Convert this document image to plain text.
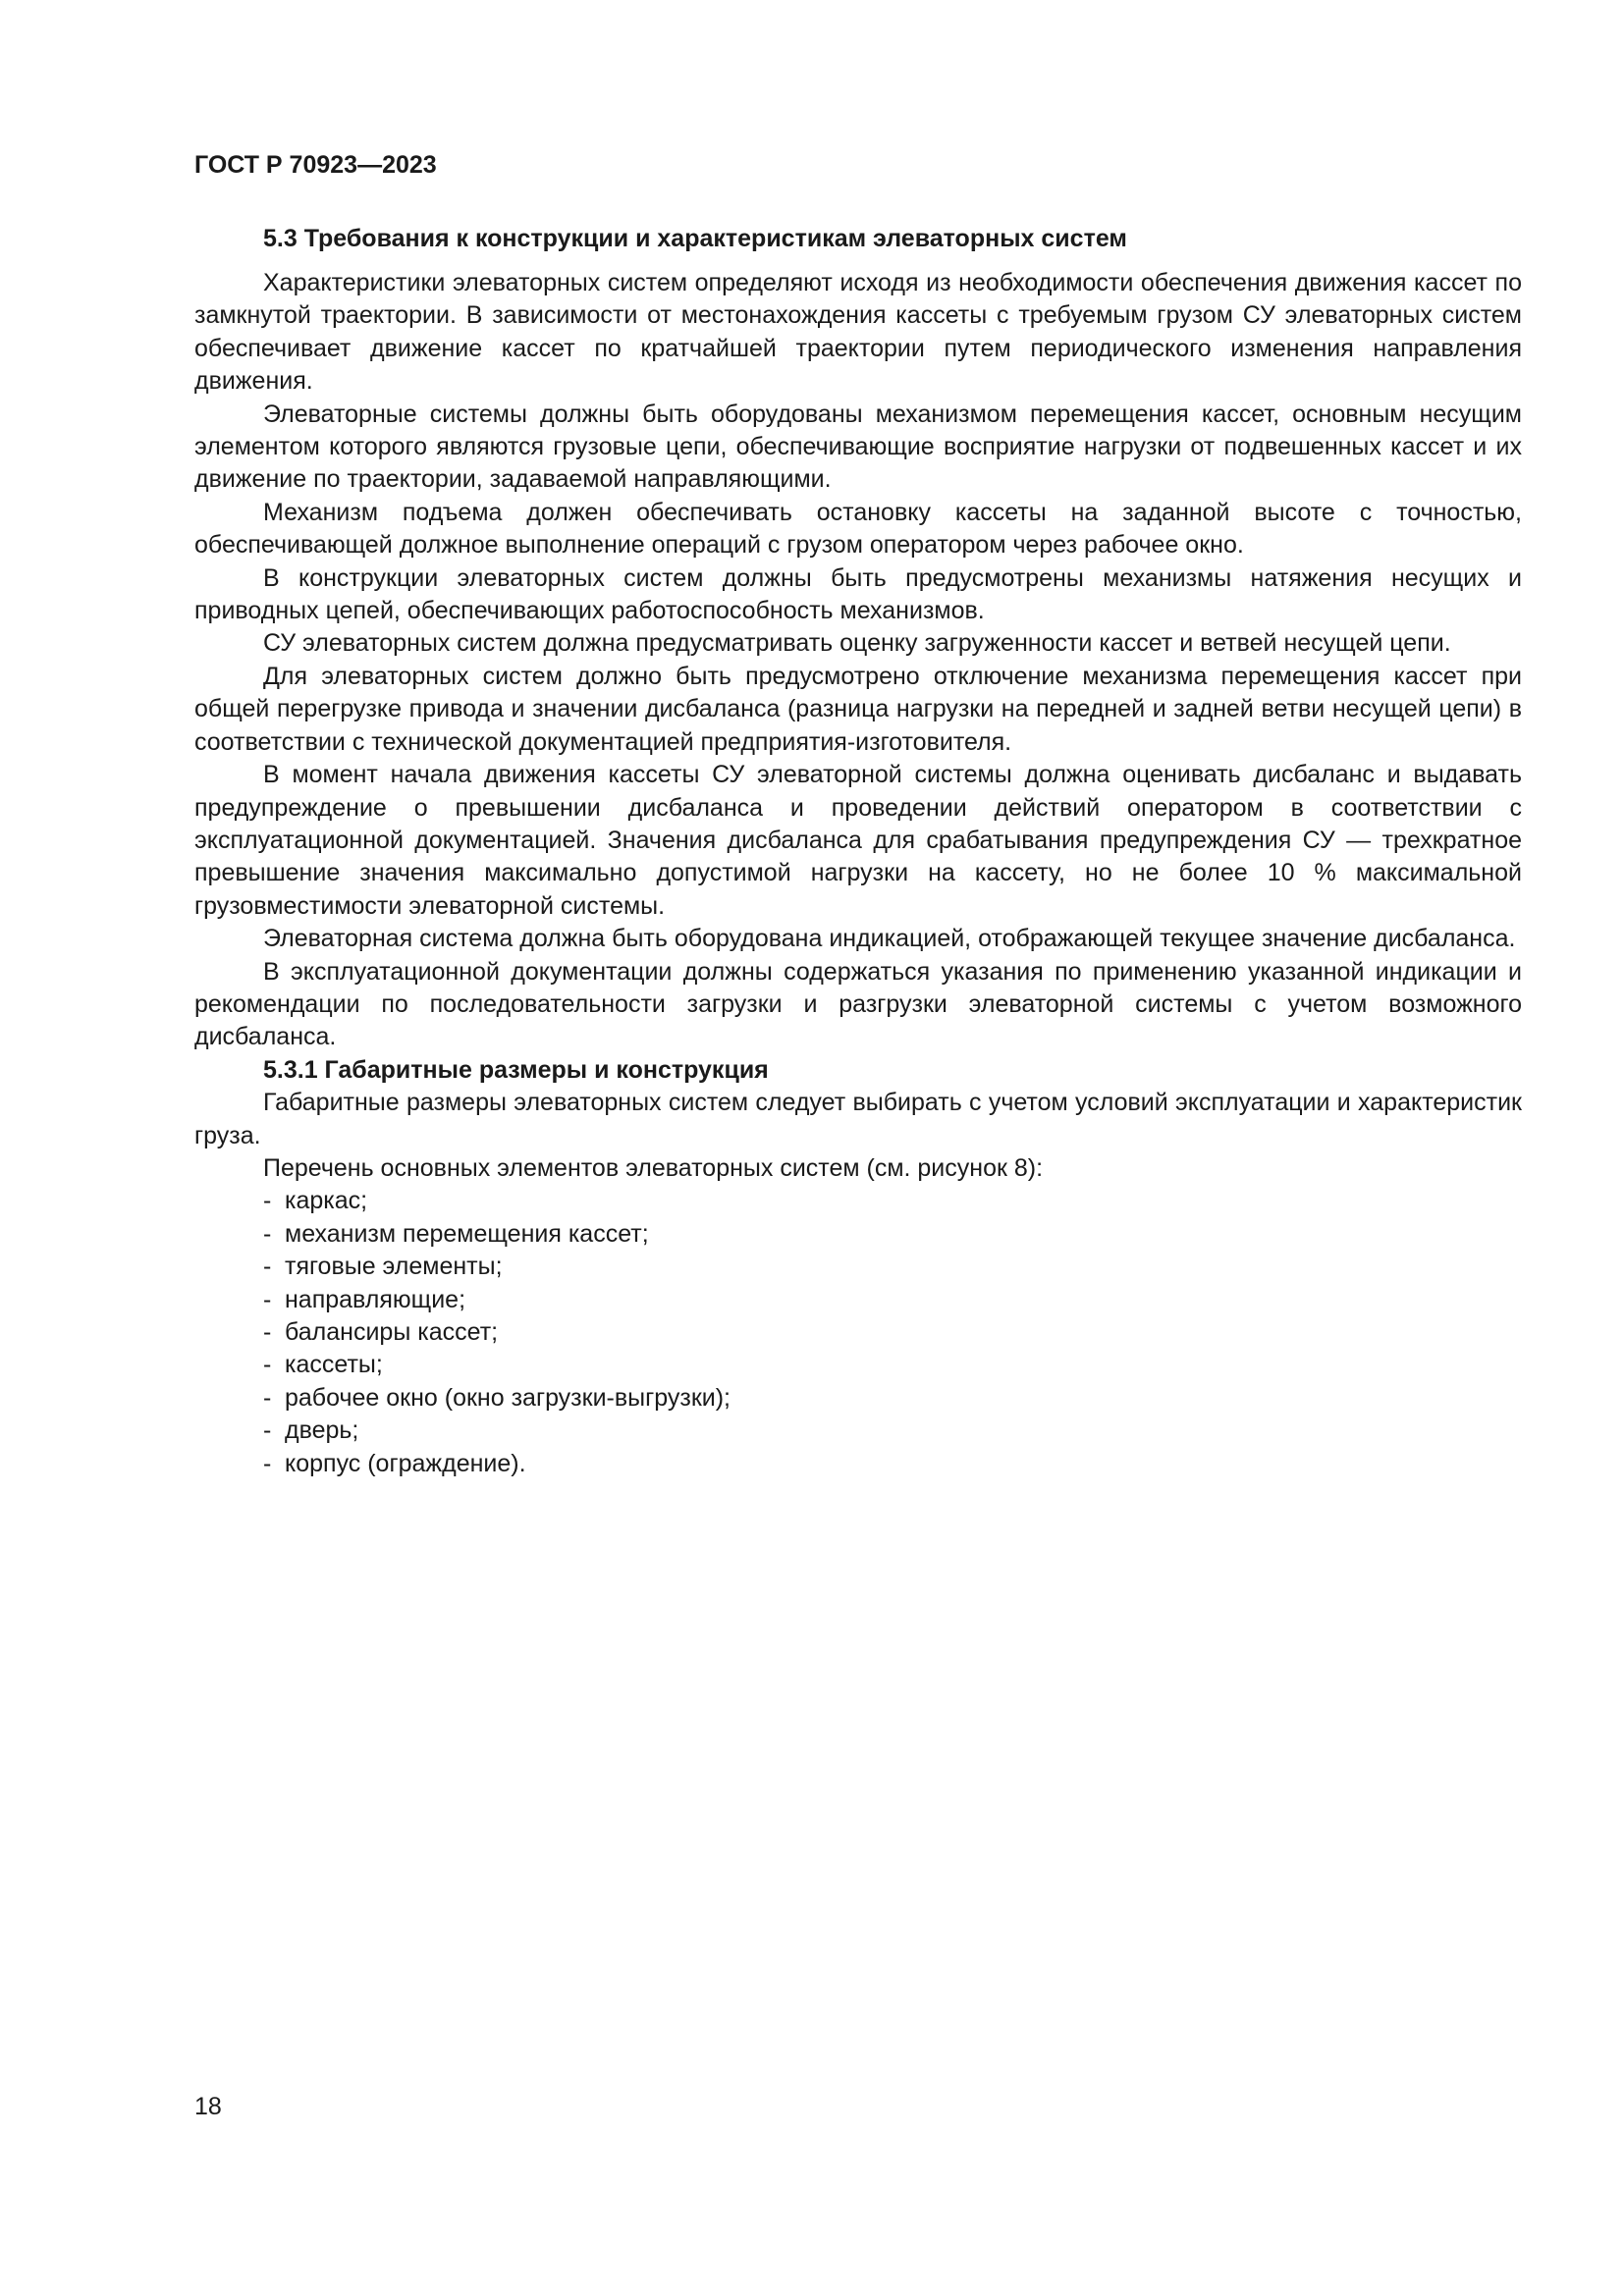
ГОСТ Р 70923—2023

5.3 Требования к конструкции и характеристикам элеваторных систем

Характеристики элеваторных систем определяют исходя из необходимости обеспечения движения кассет по замкнутой траектории. В зависимости от местонахождения кассеты с требуемым грузом СУ элеваторных систем обеспечивает движение кассет по кратчайшей траектории путем периодического изменения направления движения.

Элеваторные системы должны быть оборудованы механизмом перемещения кассет, основным несущим элементом которого являются грузовые цепи, обеспечивающие восприятие нагрузки от подвешенных кассет и их движение по траектории, задаваемой направляющими.

Механизм подъема должен обеспечивать остановку кассеты на заданной высоте с точностью, обеспечивающей должное выполнение операций с грузом оператором через рабочее окно.

В конструкции элеваторных систем должны быть предусмотрены механизмы натяжения несущих и приводных цепей, обеспечивающих работоспособность механизмов.

СУ элеваторных систем должна предусматривать оценку загруженности кассет и ветвей несущей цепи.

Для элеваторных систем должно быть предусмотрено отключение механизма перемещения кассет при общей перегрузке привода и значении дисбаланса (разница нагрузки на передней и задней ветви несущей цепи) в соответствии с технической документацией предприятия-изготовителя.

В момент начала движения кассеты СУ элеваторной системы должна оценивать дисбаланс и выдавать предупреждение о превышении дисбаланса и проведении действий оператором в соответствии с эксплуатационной документацией. Значения дисбаланса для срабатывания предупреждения СУ — трехкратное превышение значения максимально допустимой нагрузки на кассету, но не более 10 % максимальной грузовместимости элеваторной системы.

Элеваторная система должна быть оборудована индикацией, отображающей текущее значение дисбаланса.

В эксплуатационной документации должны содержаться указания по применению указанной индикации и рекомендации по последовательности загрузки и разгрузки элеваторной системы с учетом возможного дисбаланса.

5.3.1 Габаритные размеры и конструкция

Габаритные размеры элеваторных систем следует выбирать с учетом условий эксплуатации и характеристик груза.

Перечень основных элементов элеваторных систем (см. рисунок 8):

- каркас;
- механизм перемещения кассет;
- тяговые элементы;
- направляющие;
- балансиры кассет;
- кассеты;
- рабочее окно (окно загрузки-выгрузки);
- дверь;
- корпус (ограждение).

18
